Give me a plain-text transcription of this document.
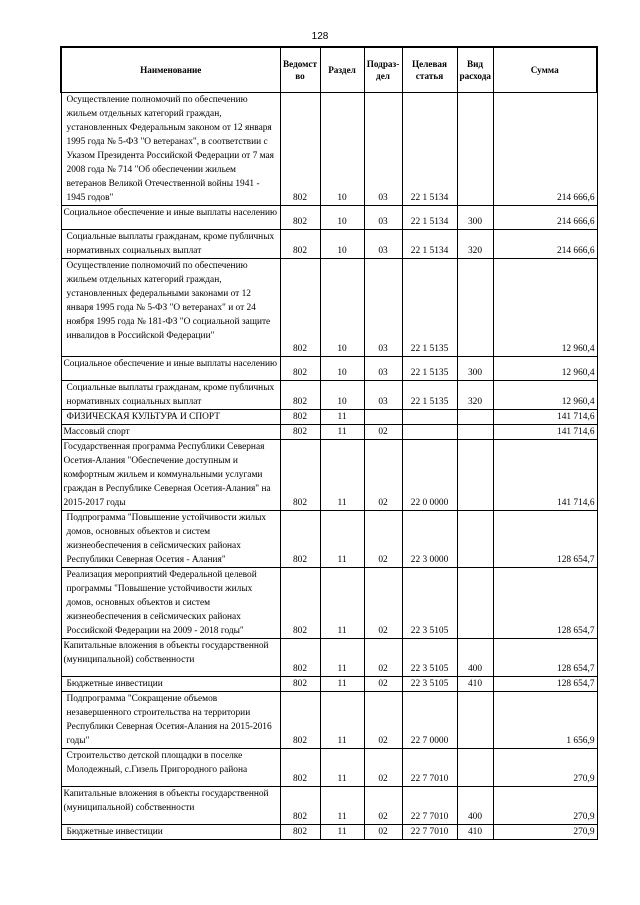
128
Наименование	Ведомст во	Раздел	Подраз- дел	Целевая статья	Вид расхода	Сумма
Осуществление полномочий по обеспечению жильем отдельных категорий граждан, установленных Федеральным законом от 12 января 1995 года № 5-ФЗ "О ветеранах", в соответствии с Указом Президента Российской Федерации от 7 мая 2008 года № 714 "Об обеспечении жильем ветеранов Великой Отечественной войны 1941 - 1945 годов"	802	10	03	22 1 5134		214 666,6
Социальное обеспечение и иные выплаты населению	802	10	03	22 1 5134	300	214 666,6
Социальные выплаты гражданам, кроме публичных нормативных социальных выплат	802	10	03	22 1 5134	320	214 666,6
Осуществление полномочий по обеспечению жильем отдельных категорий граждан, установленных федеральными законами от 12 января 1995 года № 5-ФЗ "О ветеранах" и от 24 ноября 1995 года № 181-ФЗ "О социальной защите инвалидов в Российской Федерации"	802	10	03	22 1 5135		12 960,4
Социальное обеспечение и иные выплаты населению	802	10	03	22 1 5135	300	12 960,4
Социальные выплаты гражданам, кроме публичных нормативных социальных выплат	802	10	03	22 1 5135	320	12 960,4
ФИЗИЧЕСКАЯ КУЛЬТУРА И СПОРТ	802	11				141 714,6
Массовый спорт	802	11	02			141 714,6
Государственная программа Республики Северная Осетия-Алания "Обеспечение доступным и комфортным жильем и коммунальными услугами граждан в Республике Северная Осетия-Алания" на 2015-2017 годы	802	11	02	22 0 0000		141 714,6
Подпрограмма "Повышение устойчивости жилых домов, основных объектов и систем жизнеобеспечения в сейсмических районах Республики Северная Осетия - Алания"	802	11	02	22 3 0000		128 654,7
Реализация мероприятий Федеральной целевой программы "Повышение устойчивости жилых домов, основных объектов и систем жизнеобеспечения в сейсмических районах Российской Федерации на 2009 - 2018 годы"	802	11	02	22 3 5105		128 654,7
Капитальные вложения в объекты государственной (муниципальной) собственности	802	11	02	22 3 5105	400	128 654,7
Бюджетные инвестиции	802	11	02	22 3 5105	410	128 654,7
Подпрограмма "Сокращение объемов незавершенного строительства на территории Республики Северная Осетия-Алания на 2015-2016 годы"	802	11	02	22 7 0000		1 656,9
Строительство детской площадки в поселке Молодежный, с.Гизель Пригородного района	802	11	02	22 7 7010		270,9
Капитальные вложения в объекты государственной (муниципальной) собственности	802	11	02	22 7 7010	400	270,9
Бюджетные инвестиции	802	11	02	22 7 7010	410	270,9
